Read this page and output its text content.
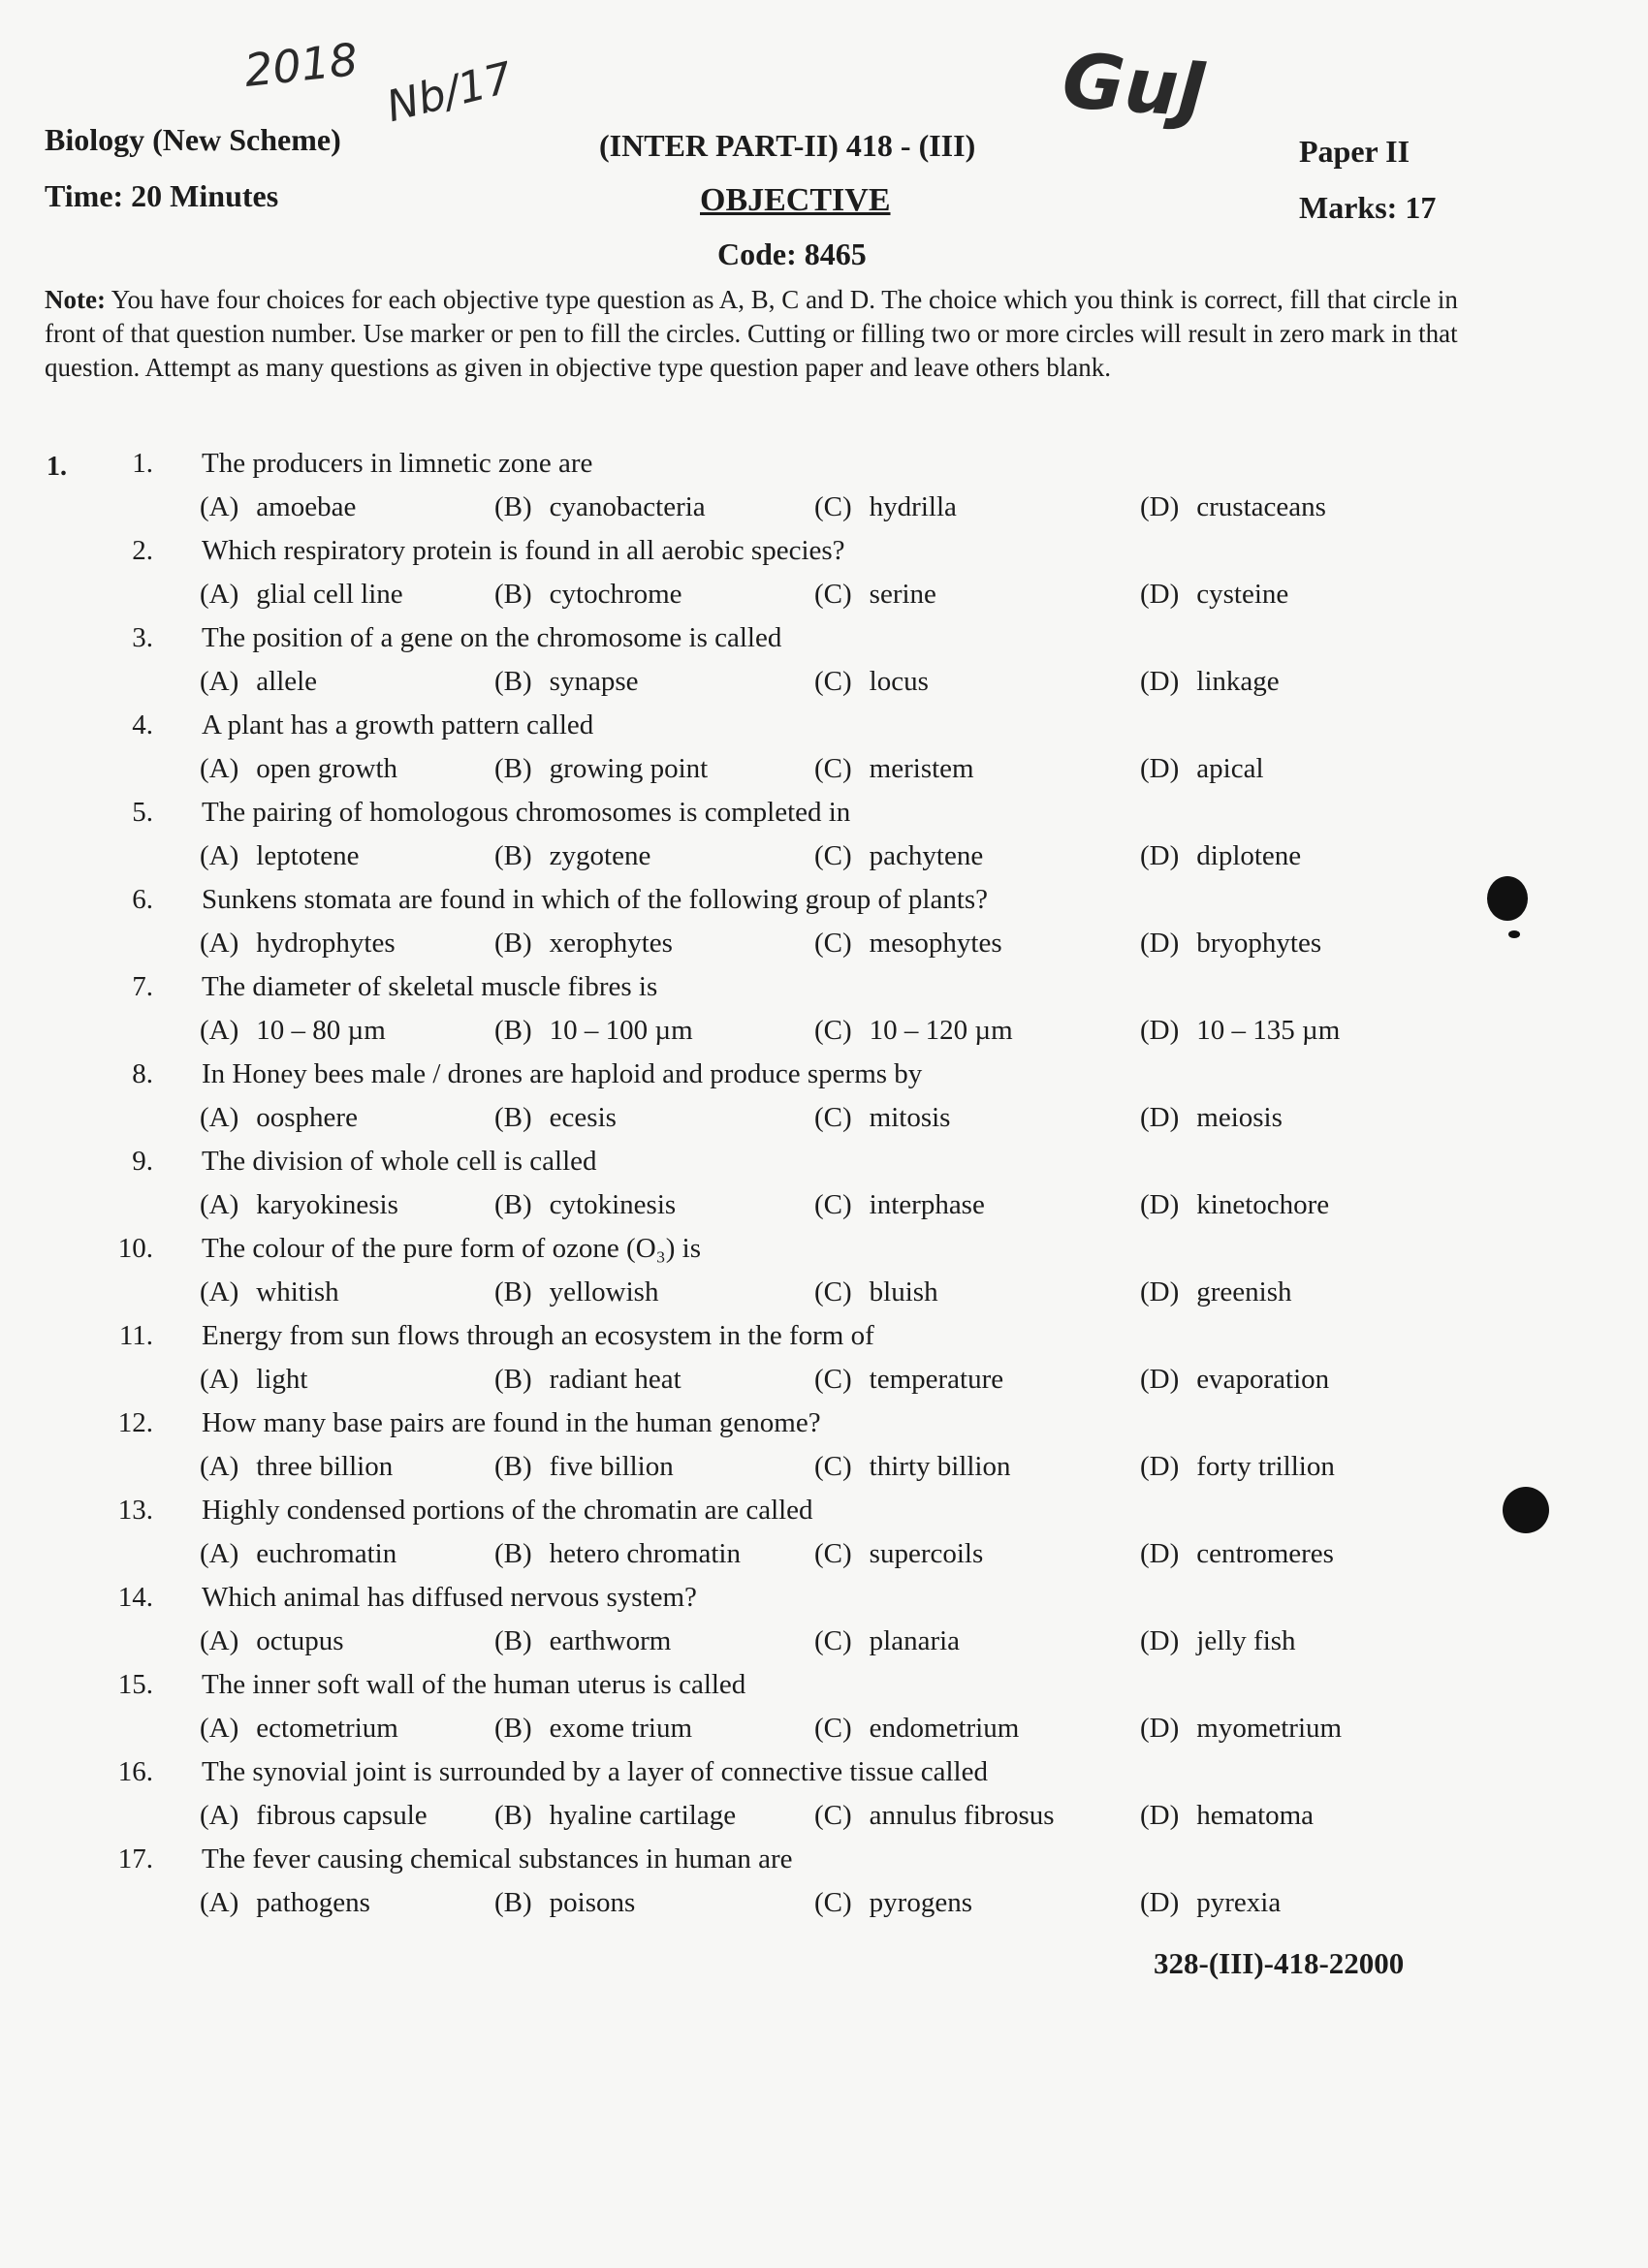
2018 Nb/17	GuJ
Biology (New Scheme)
Time: 20 Minutes
(INTER PART-II) 418 - (III)
OBJECTIVE
Code: 8465
Paper II
Marks: 17
Note: You have four choices for each objective type question as A, B, C and D. The choice which you think is correct, fill that circle in front of that question number. Use marker or pen to fill the circles. Cutting or filling two or more circles will result in zero mark in that question. Attempt as many questions as given in objective type question paper and leave others blank.
1.	1. The producers in limnetic zone are
(A) amoebae	(B) cyanobacteria	(C) hydrilla	(D) crustaceans
2. Which respiratory protein is found in all aerobic species?
(A) glial cell line	(B) cytochrome	(C) serine	(D) cysteine
3. The position of a gene on the chromosome is called
(A) allele	(B) synapse	(C) locus	(D) linkage
4. A plant has a growth pattern called
(A) open growth	(B) growing point	(C) meristem	(D) apical
5. The pairing of homologous chromosomes is completed in
(A) leptotene	(B) zygotene	(C) pachytene	(D) diplotene
6. Sunkens stomata are found in which of the following group of plants?
(A) hydrophytes	(B) xerophytes	(C) mesophytes	(D) bryophytes
7. The diameter of skeletal muscle fibres is
(A) 10 – 80 µm	(B) 10 – 100 µm	(C) 10 – 120 µm	(D) 10 – 135 µm
8. In Honey bees male / drones are haploid and produce sperms by
(A) oosphere	(B) ecesis	(C) mitosis	(D) meiosis
9. The division of whole cell is called
(A) karyokinesis	(B) cytokinesis	(C) interphase	(D) kinetochore
10. The colour of the pure form of ozone (O₃) is
(A) whitish	(B) yellowish	(C) bluish	(D) greenish
11. Energy from sun flows through an ecosystem in the form of
(A) light	(B) radiant heat	(C) temperature	(D) evaporation
12. How many base pairs are found in the human genome?
(A) three billion	(B) five billion	(C) thirty billion	(D) forty trillion
13. Highly condensed portions of the chromatin are called
(A) euchromatin	(B) hetero chromatin	(C) supercoils	(D) centromeres
14. Which animal has diffused nervous system?
(A) octupus	(B) earthworm	(C) planaria	(D) jelly fish
15. The inner soft wall of the human uterus is called
(A) ectometrium	(B) exome trium	(C) endometrium	(D) myometrium
16. The synovial joint is surrounded by a layer of connective tissue called
(A) fibrous capsule (B) hyaline cartilage	(C) annulus fibrosus	(D) hematoma
17. The fever causing chemical substances in human are
(A) pathogens	(B) poisons	(C) pyrogens	(D) pyrexia
328-(III)-418-22000
